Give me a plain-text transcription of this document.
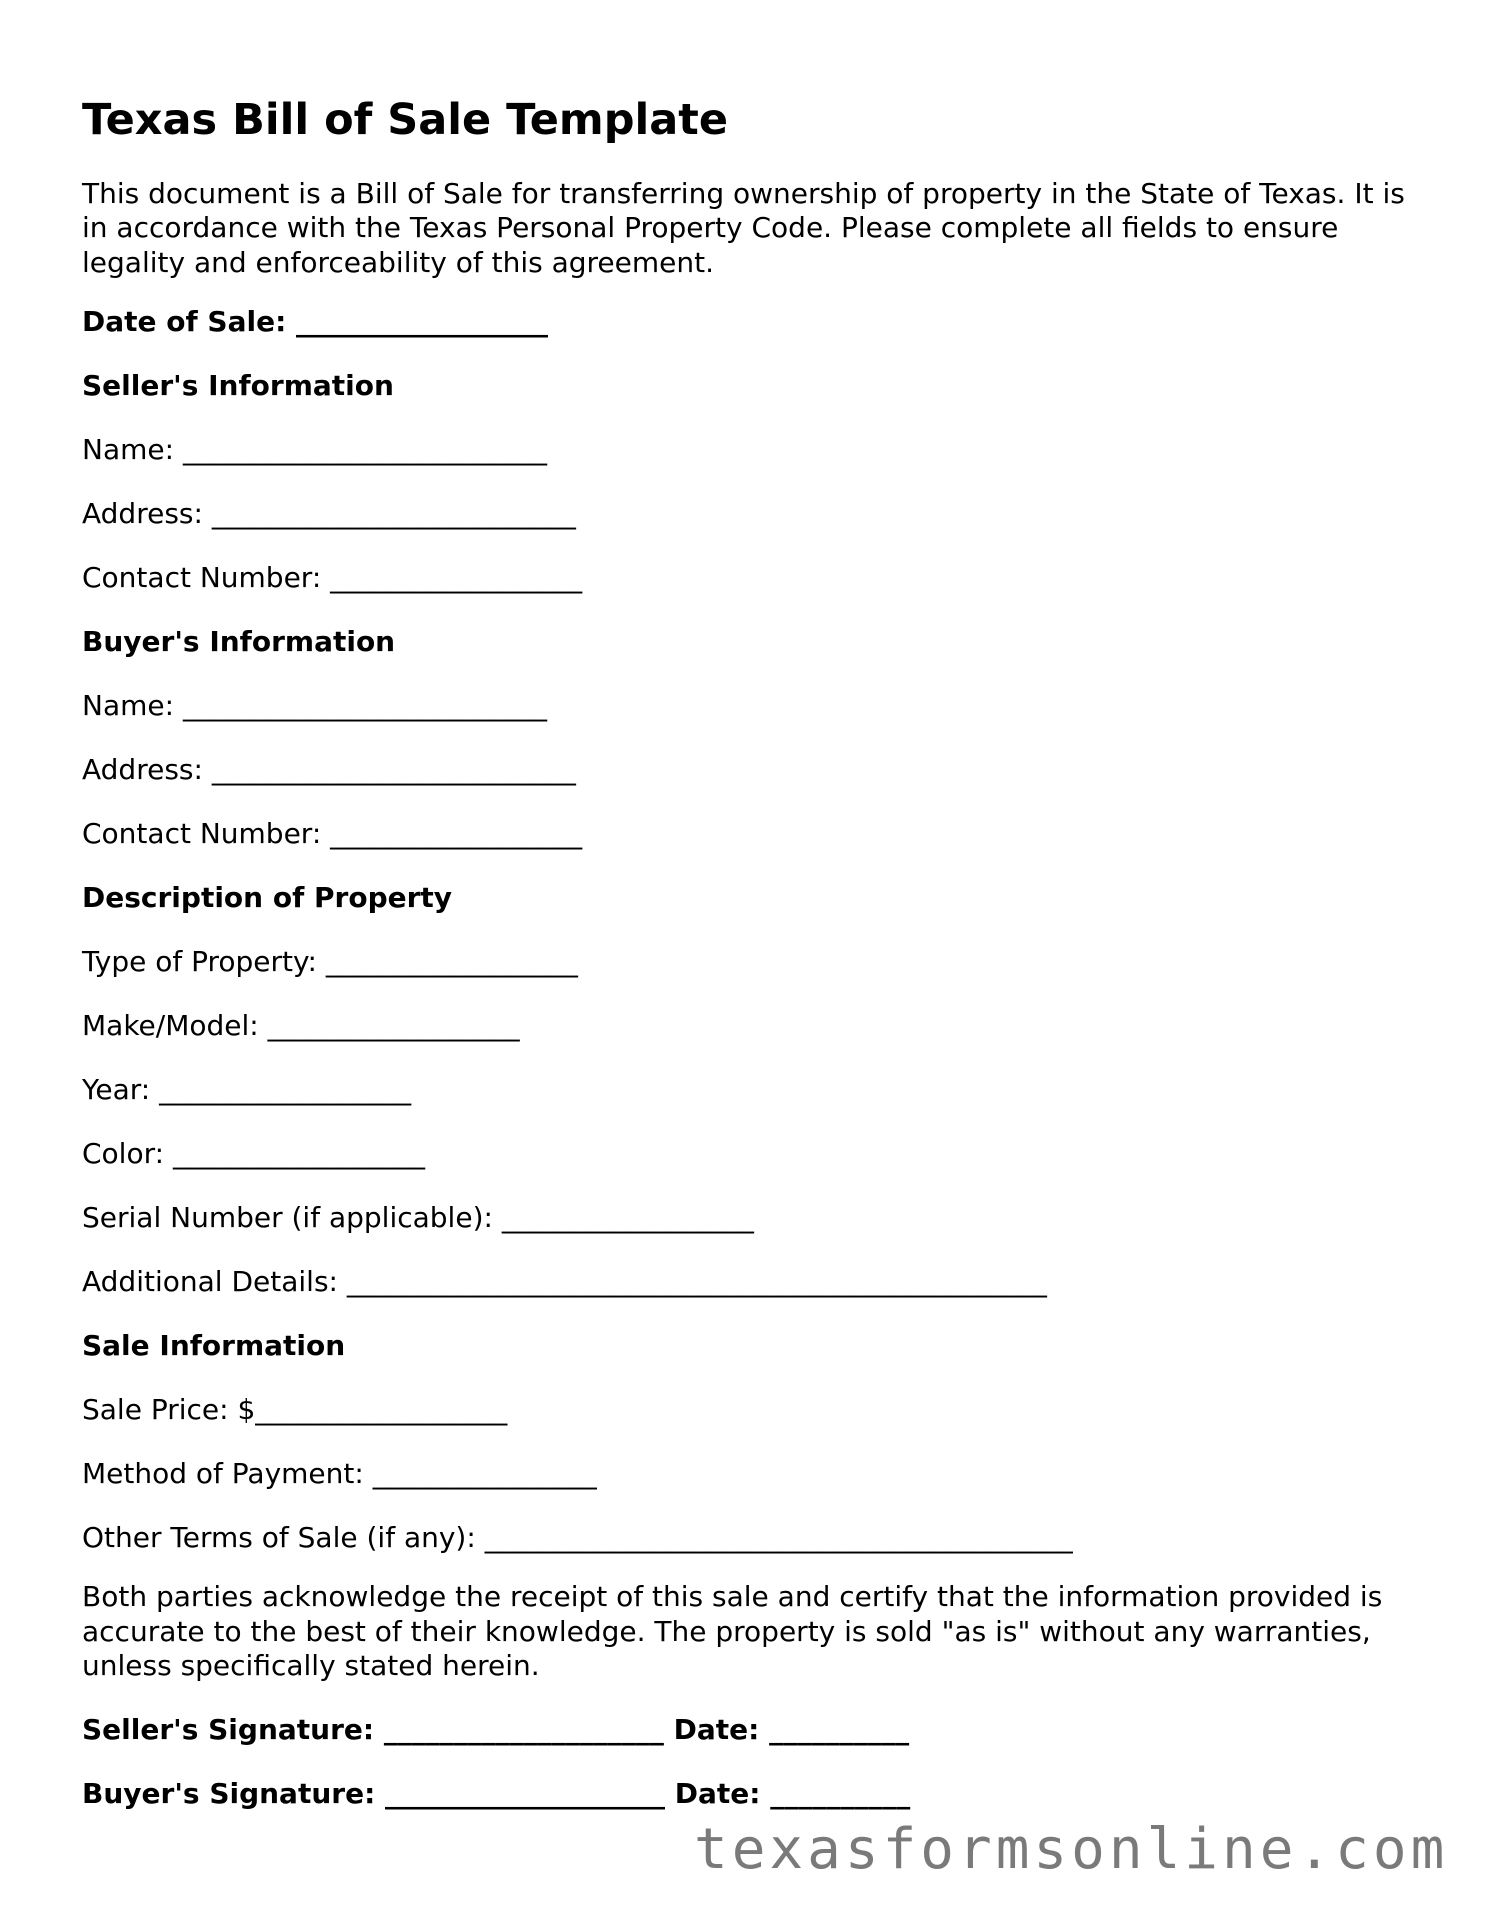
Texas Bill of Sale Template

This document is a Bill of Sale for transferring ownership of property in the State of Texas. It is in accordance with the Texas Personal Property Code. Please complete all fields to ensure legality and enforceability of this agreement.

Date of Sale: __________________
Seller's Information
Name: __________________________
Address: __________________________
Contact Number: __________________
Buyer's Information
Name: __________________________
Address: __________________________
Contact Number: __________________
Description of Property
Type of Property: __________________
Make/Model: __________________
Year: __________________
Color: __________________
Serial Number (if applicable): __________________
Additional Details: __________________________________________________
Sale Information
Sale Price: $__________________
Method of Payment: ________________
Other Terms of Sale (if any): __________________________________________

Both parties acknowledge the receipt of this sale and certify that the information provided is accurate to the best of their knowledge. The property is sold "as is" without any warranties, unless specifically stated herein.

Seller's Signature: ____________________ Date: __________
Buyer's Signature: ____________________ Date: __________
texasformsonline.com
